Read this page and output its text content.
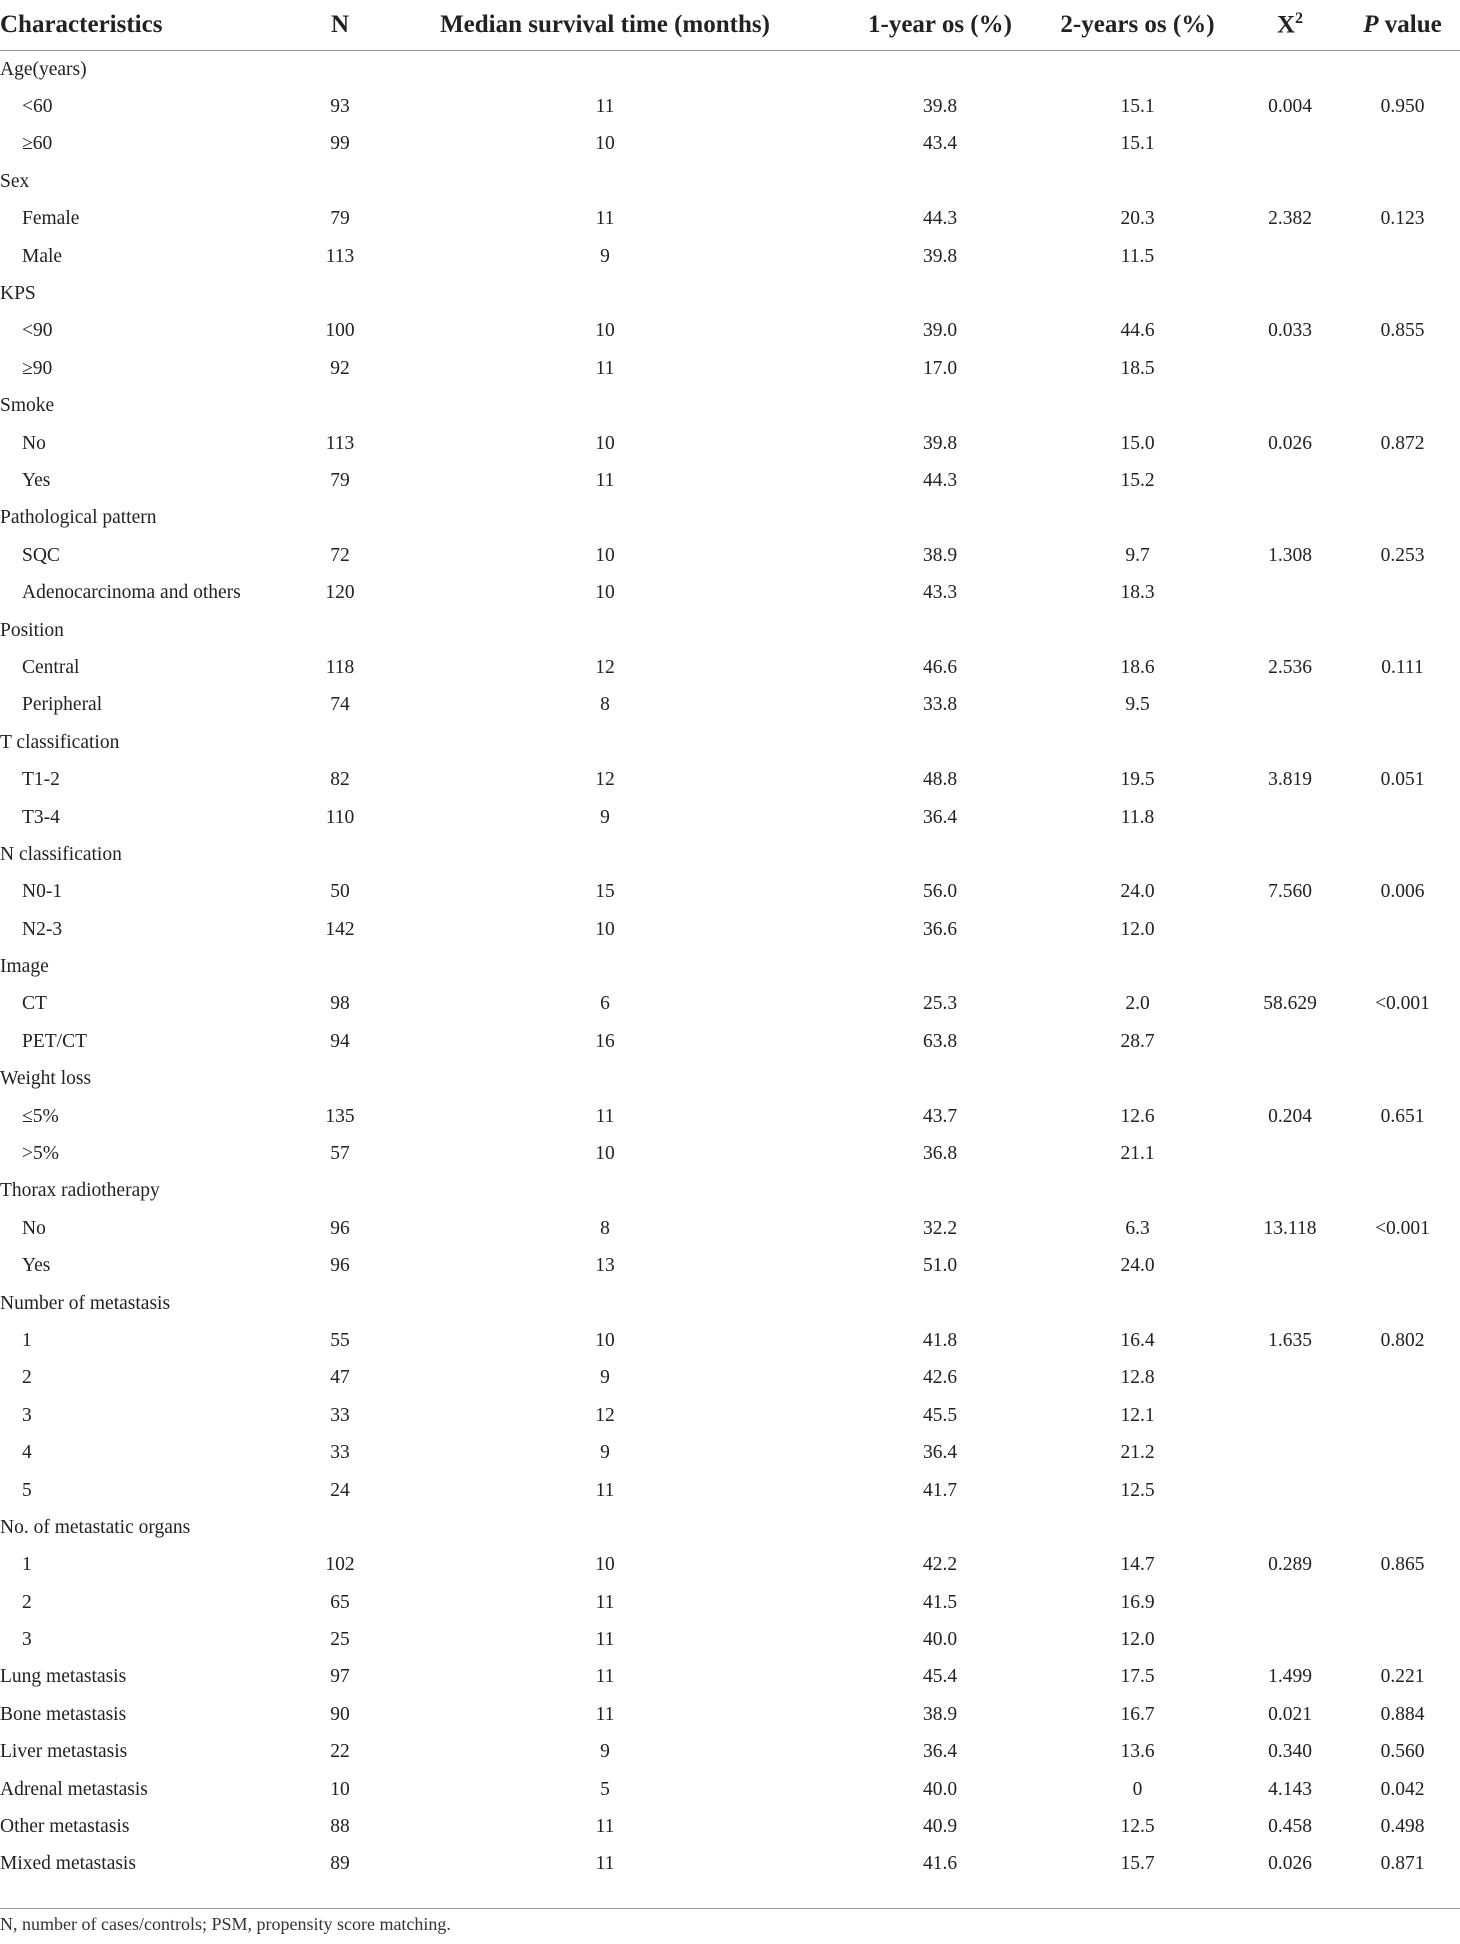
Characteristics	N	Median survival time (months)	1-year os (%)	2-years os (%)	$X^2$	P value
Age(years)						
<60	93	11	39.8	15.1	0.004	0.950
≥60	99	10	43.4	15.1		
Sex						
Female	79	11	44.3	20.3	2.382	0.123
Male	113	9	39.8	11.5		
KPS						
<90	100	10	39.0	44.6	0.033	0.855
≥90	92	11	17.0	18.5		
Smoke						
No	113	10	39.8	15.0	0.026	0.872
Yes	79	11	44.3	15.2		
Pathological pattern						
SQC	72	10	38.9	9.7	1.308	0.253
Adenocarcinoma and others	120	10	43.3	18.3		
Position						
Central	118	12	46.6	18.6	2.536	0.111
Peripheral	74	8	33.8	9.5		
T classification						
T1-2	82	12	48.8	19.5	3.819	0.051
T3-4	110	9	36.4	11.8		
N classification						
N0-1	50	15	56.0	24.0	7.560	0.006
N2-3	142	10	36.6	12.0		
Image						
CT	98	6	25.3	2.0	58.629	<0.001
PET/CT	94	16	63.8	28.7		
Weight loss						
≤5%	135	11	43.7	12.6	0.204	0.651
>5%	57	10	36.8	21.1		
Thorax radiotherapy						
No	96	8	32.2	6.3	13.118	<0.001
Yes	96	13	51.0	24.0		
Number of metastasis						
1	55	10	41.8	16.4	1.635	0.802
2	47	9	42.6	12.8		
3	33	12	45.5	12.1		
4	33	9	36.4	21.2		
5	24	11	41.7	12.5		
No. of metastatic organs						
1	102	10	42.2	14.7	0.289	0.865
2	65	11	41.5	16.9		
3	25	11	40.0	12.0		
Lung metastasis	97	11	45.4	17.5	1.499	0.221
Bone metastasis	90	11	38.9	16.7	0.021	0.884
Liver metastasis	22	9	36.4	13.6	0.340	0.560
Adrenal metastasis	10	5	40.0	0	4.143	0.042
Other metastasis	88	11	40.9	12.5	0.458	0.498
Mixed metastasis	89	11	41.6	15.7	0.026	0.871
N, number of cases/controls; PSM, propensity score matching.
